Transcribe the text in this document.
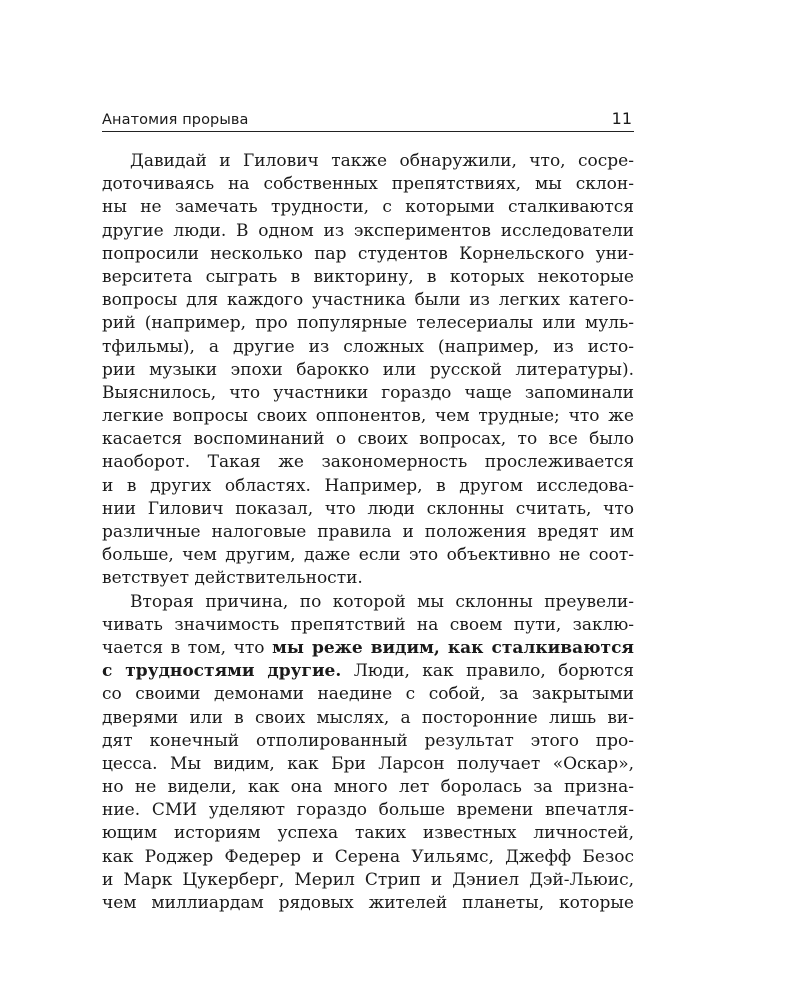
Анатомия прорыва	11
Давидай и Гилович также обнаружили, что, сосре-
доточиваясь на собственных препятствиях, мы склон-
ны не замечать трудности, с которыми сталкиваются
другие люди. В одном из экспериментов исследователи
попросили несколько пар студентов Корнельского уни-
верситета сыграть в викторину, в которых некоторые
вопросы для каждого участника были из легких катего-
рий (например, про популярные телесериалы или муль-
тфильмы), а другие из сложных (например, из исто-
рии музыки эпохи барокко или русской литературы).
Выяснилось, что участники гораздо чаще запоминали
легкие вопросы своих оппонентов, чем трудные; что же
касается воспоминаний о своих вопросах, то все было
наоборот. Такая же закономерность прослеживается
и в других областях. Например, в другом исследова-
нии Гилович показал, что люди склонны считать, что
различные налоговые правила и положения вредят им
больше, чем другим, даже если это объективно не соот-
ветствует действительности.
Вторая причина, по которой мы склонны преувели-
чивать значимость препятствий на своем пути, заклю-
чается в том, что мы реже видим, как сталкиваются
с трудностями другие. Люди, как правило, борются
со своими демонами наедине с собой, за закрытыми
дверями или в своих мыслях, а посторонние лишь ви-
дят конечный отполированный результат этого про-
цесса. Мы видим, как Бри Ларсон получает «Оскар»,
но не видели, как она много лет боролась за призна-
ние. СМИ уделяют гораздо больше времени впечатля-
ющим историям успеха таких известных личностей,
как Роджер Федерер и Серена Уильямс, Джефф Безос
и Марк Цукерберг, Мерил Стрип и Дэниел Дэй-Льюис,
чем миллиардам рядовых жителей планеты, которые
